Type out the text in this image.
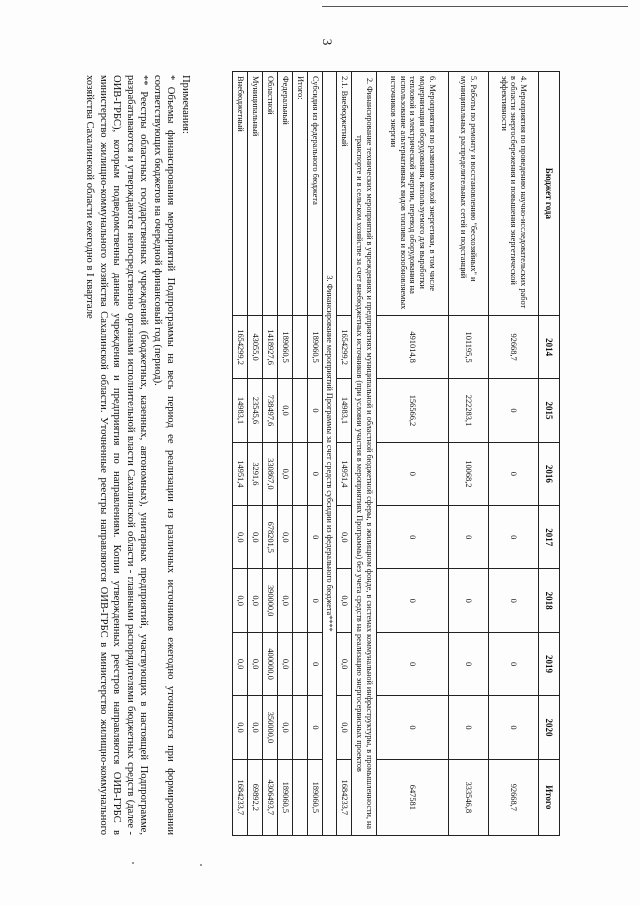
3
Бюджет года	2014	2015	2016	2017	2018	2019	2020	Итого
4. Мероприятия по проведению научно-исследовательских работ в области энергосбережения и повышения энергетической эффективности	92668,7	0	0	0	0	0	0	92668,7
5. Работы по ремонту и восстановлению "бесхозяйных" и муниципальных распределительных сетей и подстанций	101195,5	222283,1	10068,2	0	0	0	0	333546,8
6. Мероприятия по развитию малой энергетики, в том числе модернизация оборудования, используемого для выработки тепловой и электрической энергии, перевод оборудования на использование альтернативных видов топлива и возобновляемых источников энергии	491014,8	156566,2	0	0	0	0	0	647581
2. Финансирование технических мероприятий в учреждениях и предприятиях муниципальной и областной бюджетной сферы, в жилищном фонде, в системах коммунальной инфраструктуры, в промышленности, на транспорте и в сельском хозяйстве за счет внебюджетных источников (при условии участия в мероприятиях Программы) без учета средств на реализацию энергосервисных проектов								
2.1. Внебюджетный	1654299,2	14983,1	14951,4	0,0	0,0	0,0	0,0	1684233,7
3. Финансирование мероприятий Программы за счет средств субсидии из федерального бюджета****								
Субсидия из федерального бюджета	189060,5	0	0	0	0	0	0	189060,5
Итого:								
Федеральный	189060,5	0,0	0,0	0,0	0,0	0,0	0,0	189060,5
Областной	1418927,6	738497,6	330867,0	678201,5	390000,0	400000,0	350000,0	4306493,7
Муниципальный	43055,0	23545,6	3291,6	0,0	0,0	0,0	0,0	69892,2
Внебюджетный	1654299,2	14983,1	14951,4	0,0	0,0	0,0	0,0	1684233,7

Примечания:

* Объемы финансирования мероприятий Подпрограммы на весь период ее реализации из различных источников ежегодно уточняются при формировании соответствующих бюджетов на очередной финансовый год (период).

** Реестры областных государственных учреждений (бюджетных, казенных, автономных), унитарных предприятий, участвующих в настоящей Подпрограмме, разрабатываются и утверждаются непосредственно органами исполнительной власти Сахалинской области - главными распорядителями бюджетных средств (далее - ОИВ-ГРБС), которым подведомственны данные учреждения и предприятия по направлениям. Копии утвержденных реестров направляются ОИВ-ГРБС в министерство жилищно-коммунального хозяйства Сахалинской области. Уточненные реестры направляются ОИВ-ГРБС в министерство жилищно-коммунального хозяйства Сахалинской области ежегодно в I квартале
